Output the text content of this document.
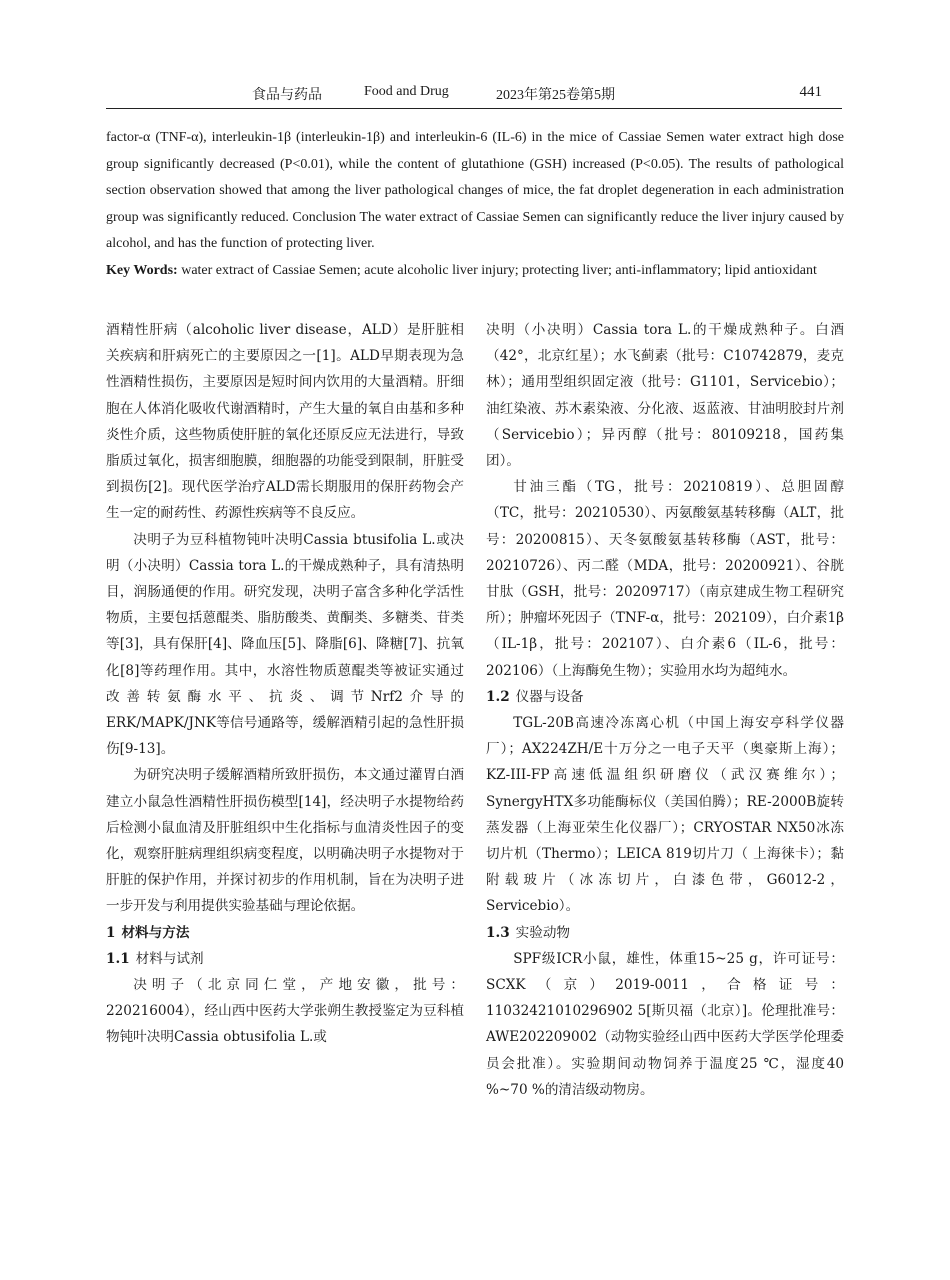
食品与药品	Food and Drug	2023年第25卷第5期	441

factor-α (TNF-α), interleukin-1β (interleukin-1β) and interleukin-6 (IL-6) in the mice of Cassiae Semen water extract high dose group significantly decreased (P<0.01), while the content of glutathione (GSH) increased (P<0.05). The results of pathological section observation showed that among the liver pathological changes of mice, the fat droplet degeneration in each administration group was significantly reduced. Conclusion The water extract of Cassiae Semen can significantly reduce the liver injury caused by alcohol, and has the function of protecting liver.

Key Words: water extract of Cassiae Semen; acute alcoholic liver injury; protecting liver; anti-inflammatory; lipid antioxidant

酒精性肝病（alcoholic liver disease，ALD）是肝脏相关疾病和肝病死亡的主要原因之一[1]。ALD早期表现为急性酒精性损伤，主要原因是短时间内饮用的大量酒精。肝细胞在人体消化吸收代谢酒精时，产生大量的氧自由基和多种炎性介质，这些物质使肝脏的氧化还原反应无法进行，导致脂质过氧化，损害细胞膜，细胞器的功能受到限制，肝脏受到损伤[2]。现代医学治疗ALD需长期服用的保肝药物会产生一定的耐药性、药源性疾病等不良反应。

决明子为豆科植物钝叶决明Cassia btusifolia L.或决明（小决明）Cassia tora L.的干燥成熟种子，具有清热明目，润肠通便的作用。研究发现，决明子富含多种化学活性物质，主要包括蒽醌类、脂肪酸类、黄酮类、多糖类、苷类等[3]，具有保肝[4]、降血压[5]、降脂[6]、降糖[7]、抗氧化[8]等药理作用。其中，水溶性物质蒽醌类等被证实通过改善转氨酶水平、抗炎、调节Nrf2介导的ERK/MAPK/JNK等信号通路等，缓解酒精引起的急性肝损伤[9-13]。

为研究决明子缓解酒精所致肝损伤，本文通过灌胃白酒建立小鼠急性酒精性肝损伤模型[14]，经决明子水提物给药后检测小鼠血清及肝脏组织中生化指标与血清炎性因子的变化，观察肝脏病理组织病变程度，以明确决明子水提物对于肝脏的保护作用，并探讨初步的作用机制，旨在为决明子进一步开发与利用提供实验基础与理论依据。

1 材料与方法
1.1 材料与试剂

决明子（北京同仁堂，产地安徽，批号：220216004），经山西中医药大学张朔生教授鉴定为豆科植物钝叶决明Cassia obtusifolia L.或

决明（小决明）Cassia tora L.的干燥成熟种子。白酒（42°，北京红星）；水飞蓟素（批号：C10742879，麦克林）；通用型组织固定液（批号：G1101，Servicebio）；油红染液、苏木素染液、分化液、返蓝液、甘油明胶封片剂（Servicebio）；异丙醇（批号：80109218，国药集团）。

甘油三酯（TG，批号：20210819）、总胆固醇（TC，批号：20210530）、丙氨酸氨基转移酶（ALT，批号：20200815）、天冬氨酸氨基转移酶（AST，批号：20210726）、丙二醛（MDA，批号：20200921）、谷胱甘肽（GSH，批号：20209717）（南京建成生物工程研究所）；肿瘤坏死因子（TNF-α，批号：202109），白介素1β（IL-1β，批号：202107）、白介素6（IL-6，批号：202106）（上海酶免生物）；实验用水均为超纯水。

1.2 仪器与设备

TGL-20B高速冷冻离心机（中国上海安亭科学仪器厂）；AX224ZH/E十万分之一电子天平（奥豪斯上海）；KZ-III-FP高速低温组织研磨仪（武汉赛维尔）；SynergyHTX多功能酶标仪（美国伯腾）；RE-2000B旋转蒸发器（上海亚荣生化仪器厂）；CRYOSTAR NX50冰冻切片机（Thermo）；LEICA 819切片刀（ 上海徕卡）；黏附载玻片（冰冻切片，白漆色带，G6012-2，Servicebio）。

1.3 实验动物

SPF级ICR小鼠，雄性，体重15~25 g，许可证号：SCXK（京）2019-0011，合格证号：11032421010296902 5[斯贝福（北京）]。伦理批准号：AWE202209002（动物实验经山西中医药大学医学伦理委员会批准）。实验期间动物饲养于温度25 ℃，湿度40 %~70 %的清洁级动物房。
